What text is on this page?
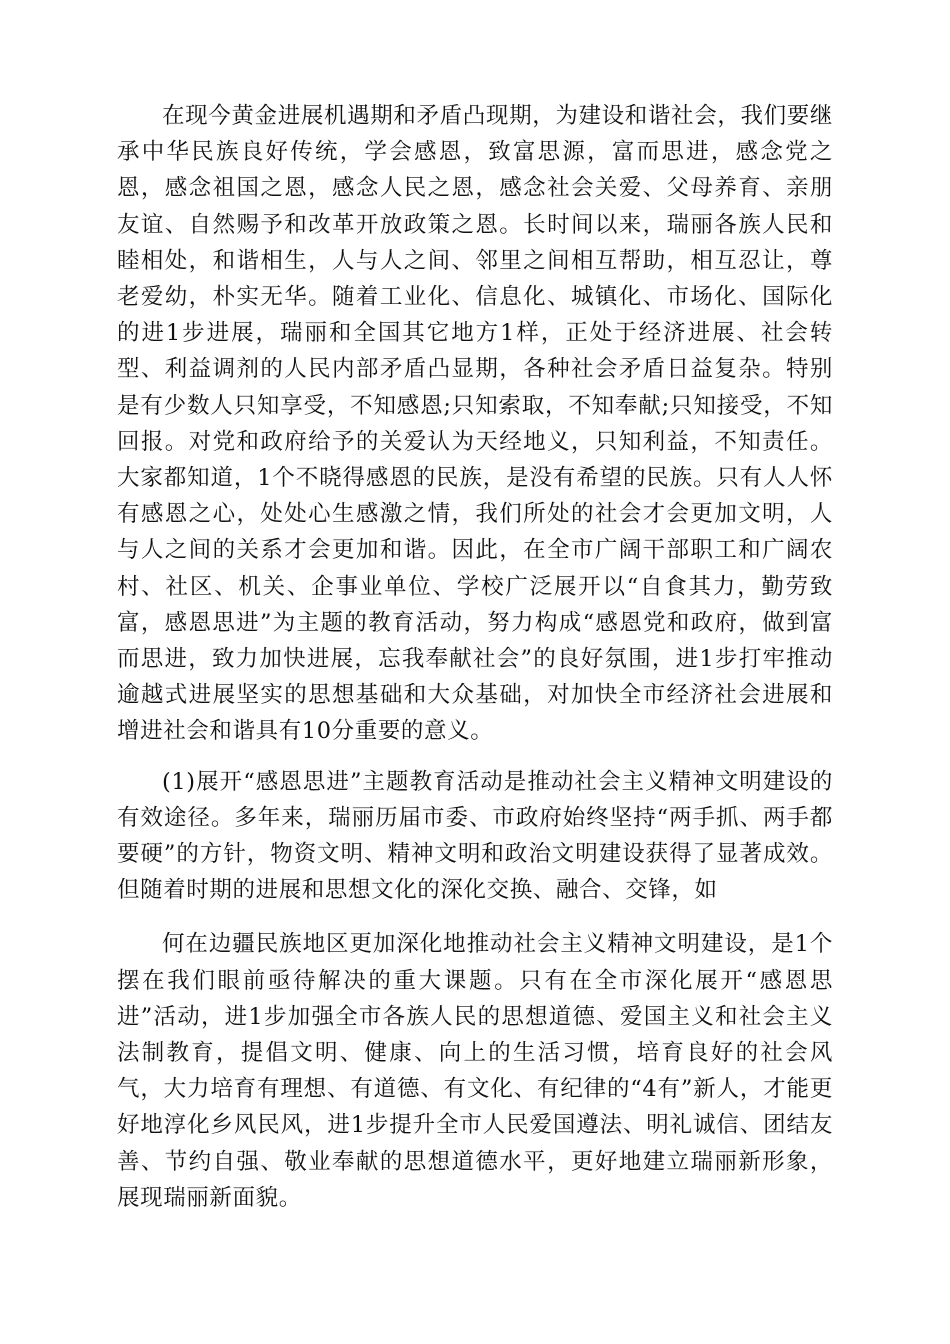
在现今黄金进展机遇期和矛盾凸现期，为建设和谐社会，我们要继承中华民族良好传统，学会感恩，致富思源，富而思进，感念党之恩，感念祖国之恩，感念人民之恩，感念社会关爱、父母养育、亲朋友谊、自然赐予和改革开放政策之恩。长时间以来，瑞丽各族人民和睦相处，和谐相生，人与人之间、邻里之间相互帮助，相互忍让，尊老爱幼，朴实无华。随着工业化、信息化、城镇化、市场化、国际化的进1步进展，瑞丽和全国其它地方1样，正处于经济进展、社会转型、利益调剂的人民内部矛盾凸显期，各种社会矛盾日益复杂。特别是有少数人只知享受，不知感恩;只知索取，不知奉献;只知接受，不知回报。对党和政府给予的关爱认为天经地义，只知利益，不知责任。大家都知道，1个不晓得感恩的民族，是没有希望的民族。只有人人怀有感恩之心，处处心生感激之情，我们所处的社会才会更加文明，人与人之间的关系才会更加和谐。因此，在全市广阔干部职工和广阔农村、社区、机关、企事业单位、学校广泛展开以“自食其力，勤劳致富，感恩思进”为主题的教育活动，努力构成“感恩党和政府，做到富而思进，致力加快进展，忘我奉献社会”的良好氛围，进1步打牢推动逾越式进展坚实的思想基础和大众基础，对加快全市经济社会进展和增进社会和谐具有10分重要的意义。

(1)展开“感恩思进”主题教育活动是推动社会主义精神文明建设的有效途径。多年来，瑞丽历届市委、市政府始终坚持“两手抓、两手都要硬”的方针，物资文明、精神文明和政治文明建设获得了显著成效。但随着时期的进展和思想文化的深化交换、融合、交锋，如

何在边疆民族地区更加深化地推动社会主义精神文明建设，是1个摆在我们眼前亟待解决的重大课题。只有在全市深化展开“感恩思进”活动，进1步加强全市各族人民的思想道德、爱国主义和社会主义法制教育，提倡文明、健康、向上的生活习惯，培育良好的社会风气，大力培育有理想、有道德、有文化、有纪律的“4有”新人，才能更好地淳化乡风民风，进1步提升全市人民爱国遵法、明礼诚信、团结友善、节约自强、敬业奉献的思想道德水平，更好地建立瑞丽新形象，展现瑞丽新面貌。
